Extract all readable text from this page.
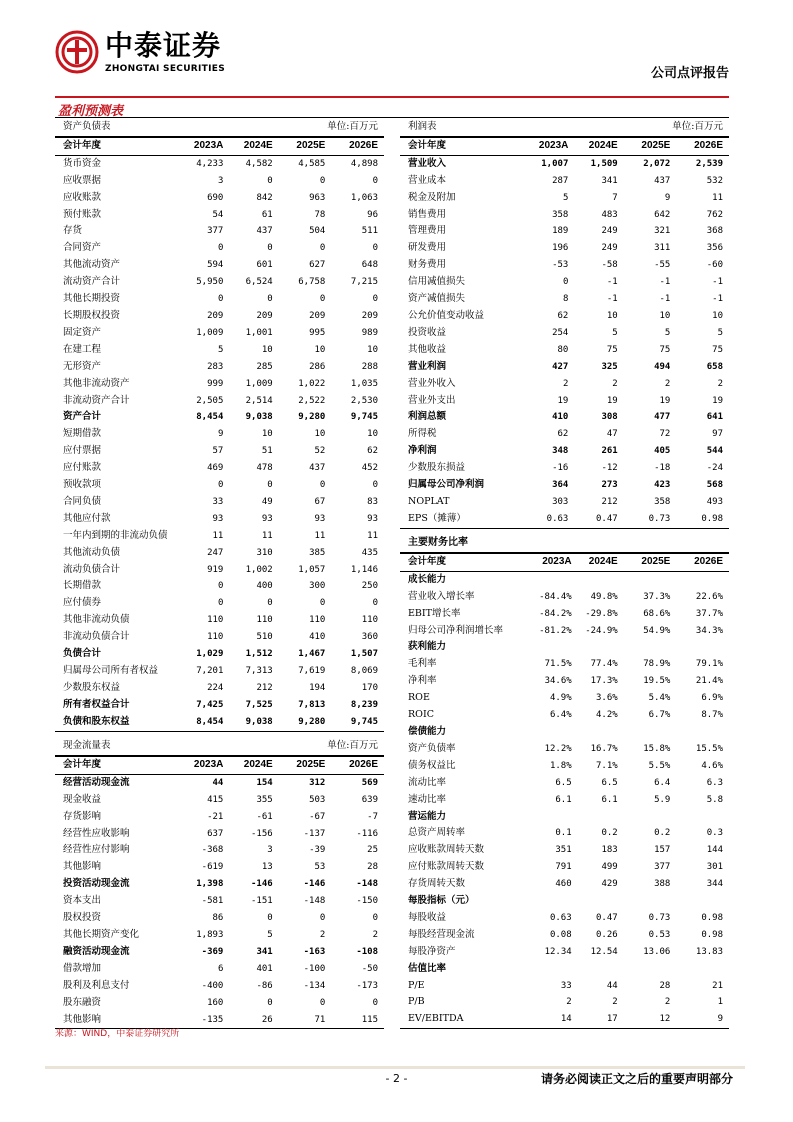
中泰证券
ZHONGTAI SECURITIES	公司点评报告
盈利预测表
资产负债表			单位:百万元	
会计年度	2023A	2024E	2025E	2026E
货币资金	4,233	4,582	4,585	4,898
应收票据	3	0	0	0
应收账款	690	842	963	1,063
预付账款	54	61	78	96
存货	377	437	504	511
合同资产	0	0	0	0
其他流动资产	594	601	627	648
流动资产合计	5,950	6,524	6,758	7,215
其他长期投资	0	0	0	0
长期股权投资	209	209	209	209
固定资产	1,009	1,001	995	989
在建工程	5	10	10	10
无形资产	283	285	286	288
其他非流动资产	999	1,009	1,022	1,035
非流动资产合计	2,505	2,514	2,522	2,530
资产合计	8,454	9,038	9,280	9,745
短期借款	9	10	10	10
应付票据	57	51	52	62
应付账款	469	478	437	452
预收款项	0	0	0	0
合同负债	33	49	67	83
其他应付款	93	93	93	93
一年内到期的非流动负债	11	11	11	11
其他流动负债	247	310	385	435
流动负债合计	919	1,002	1,057	1,146
长期借款	0	400	300	250
应付债券	0	0	0	0
其他非流动负债	110	110	110	110
非流动负债合计	110	510	410	360
负债合计	1,029	1,512	1,467	1,507
归属母公司所有者权益	7,201	7,313	7,619	8,069
少数股东权益	224	212	194	170
所有者权益合计	7,425	7,525	7,813	8,239
负债和股东权益	8,454	9,038	9,280	9,745
利润表			单位:百万元	
会计年度	2023A	2024E	2025E	2026E
营业收入	1,007	1,509	2,072	2,539
营业成本	287	341	437	532
税金及附加	5	7	9	11
销售费用	358	483	642	762
管理费用	189	249	321	368
研发费用	196	249	311	356
财务费用	-53	-58	-55	-60
信用减值损失	0	-1	-1	-1
资产减值损失	8	-1	-1	-1
公允价值变动收益	62	10	10	10
投资收益	254	5	5	5
其他收益	80	75	75	75
营业利润	427	325	494	658
营业外收入	2	2	2	2
营业外支出	19	19	19	19
利润总额	410	308	477	641
所得税	62	47	72	97
净利润	348	261	405	544
少数股东损益	-16	-12	-18	-24
归属母公司净利润	364	273	423	568
NOPLAT	303	212	358	493
EPS（摊薄）	0.63	0.47	0.73	0.98
主要财务比率				
会计年度	2023A	2024E	2025E	2026E
成长能力				
营业收入增长率	-84.4%	49.8%	37.3%	22.6%
EBIT增长率	-84.2%	-29.8%	68.6%	37.7%
归母公司净利润增长率	-81.2%	-24.9%	54.9%	34.3%
获利能力				
毛利率	71.5%	77.4%	78.9%	79.1%
净利率	34.6%	17.3%	19.5%	21.4%
ROE	4.9%	3.6%	5.4%	6.9%
ROIC	6.4%	4.2%	6.7%	8.7%
偿债能力				
资产负债率	12.2%	16.7%	15.8%	15.5%
债务权益比	1.8%	7.1%	5.5%	4.6%
流动比率	6.5	6.5	6.4	6.3
速动比率	6.1	6.1	5.9	5.8
营运能力				
总资产周转率	0.1	0.2	0.2	0.3
应收账款周转天数	351	183	157	144
应付账款周转天数	791	499	377	301
存货周转天数	460	429	388	344
每股指标（元）				
每股收益	0.63	0.47	0.73	0.98
每股经营现金流	0.08	0.26	0.53	0.98
每股净资产	12.34	12.54	13.06	13.83
估值比率				
P/E	33	44	28	21
P/B	2	2	2	1
EV/EBITDA	14	17	12	9
现金流量表			单位:百万元	
会计年度	2023A	2024E	2025E	2026E
经营活动现金流	44	154	312	569
现金收益	415	355	503	639
存货影响	-21	-61	-67	-7
经营性应收影响	637	-156	-137	-116
经营性应付影响	-368	3	-39	25
其他影响	-619	13	53	28
投资活动现金流	1,398	-146	-146	-148
资本支出	-581	-151	-148	-150
股权投资	86	0	0	0
其他长期资产变化	1,893	5	2	2
融资活动现金流	-369	341	-163	-108
借款增加	6	401	-100	-50
股利及利息支付	-400	-86	-134	-173
股东融资	160	0	0	0
其他影响	-135	26	71	115
来源：WIND，中泰证券研究所
- 2 -	请务必阅读正文之后的重要声明部分
